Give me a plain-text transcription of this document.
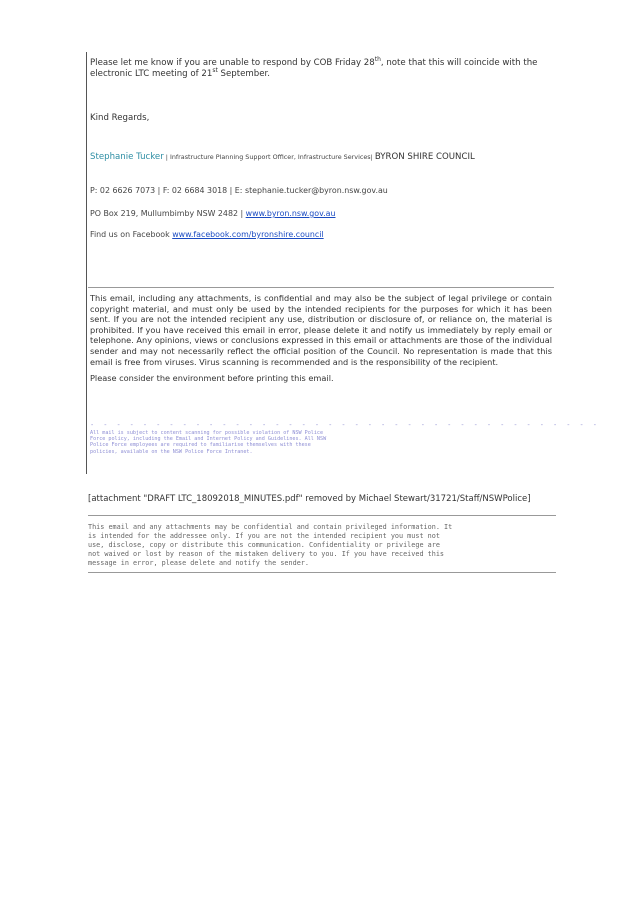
Please let me know if you are unable to respond by COB Friday 28th, note that this will coincide with the electronic LTC meeting of 21st September.
Kind Regards,
Stephanie Tucker | Infrastructure Planning Support Officer, Infrastructure Services| BYRON SHIRE COUNCIL
P: 02 6626 7073 | F: 02 6684 3018 | E: stephanie.tucker@byron.nsw.gov.au
PO Box 219, Mullumbimby NSW 2482 | www.byron.nsw.gov.au
Find us on Facebook www.facebook.com/byronshire.council
This email, including any attachments, is confidential and may also be the subject of legal privilege or contain copyright material, and must only be used by the intended recipients for the purposes for which it has been sent. If you are not the intended recipient any use, distribution or disclosure of, or reliance on, the material is prohibited. If you have received this email in error, please delete it and notify us immediately by reply email or telephone. Any opinions, views or conclusions expressed in this email or attachments are those of the individual sender and may not necessarily reflect the official position of the Council. No representation is made that this email is free from viruses. Virus scanning is recommended and is the responsibility of the recipient.
Please consider the environment before printing this email.
- - - - - - - - - - - - - - - - - - - - - - - - - - - - - - - - - - - - - - -
All mail is subject to content scanning for possible violation of NSW Police
Force policy, including the Email and Internet Policy and Guidelines. All NSW
Police Force employees are required to familiarise themselves with these
policies, available on the NSW Police Force Intranet.
[attachment "DRAFT LTC_18092018_MINUTES.pdf" removed by Michael Stewart/31721/Staff/NSWPolice]
This email and any attachments may be confidential and contain privileged information. It
is intended for the addressee only. If you are not the intended recipient you must not
use, disclose, copy or distribute this communication. Confidentiality or privilege are
not waived or lost by reason of the mistaken delivery to you. If you have received this
message in error, please delete and notify the sender.
